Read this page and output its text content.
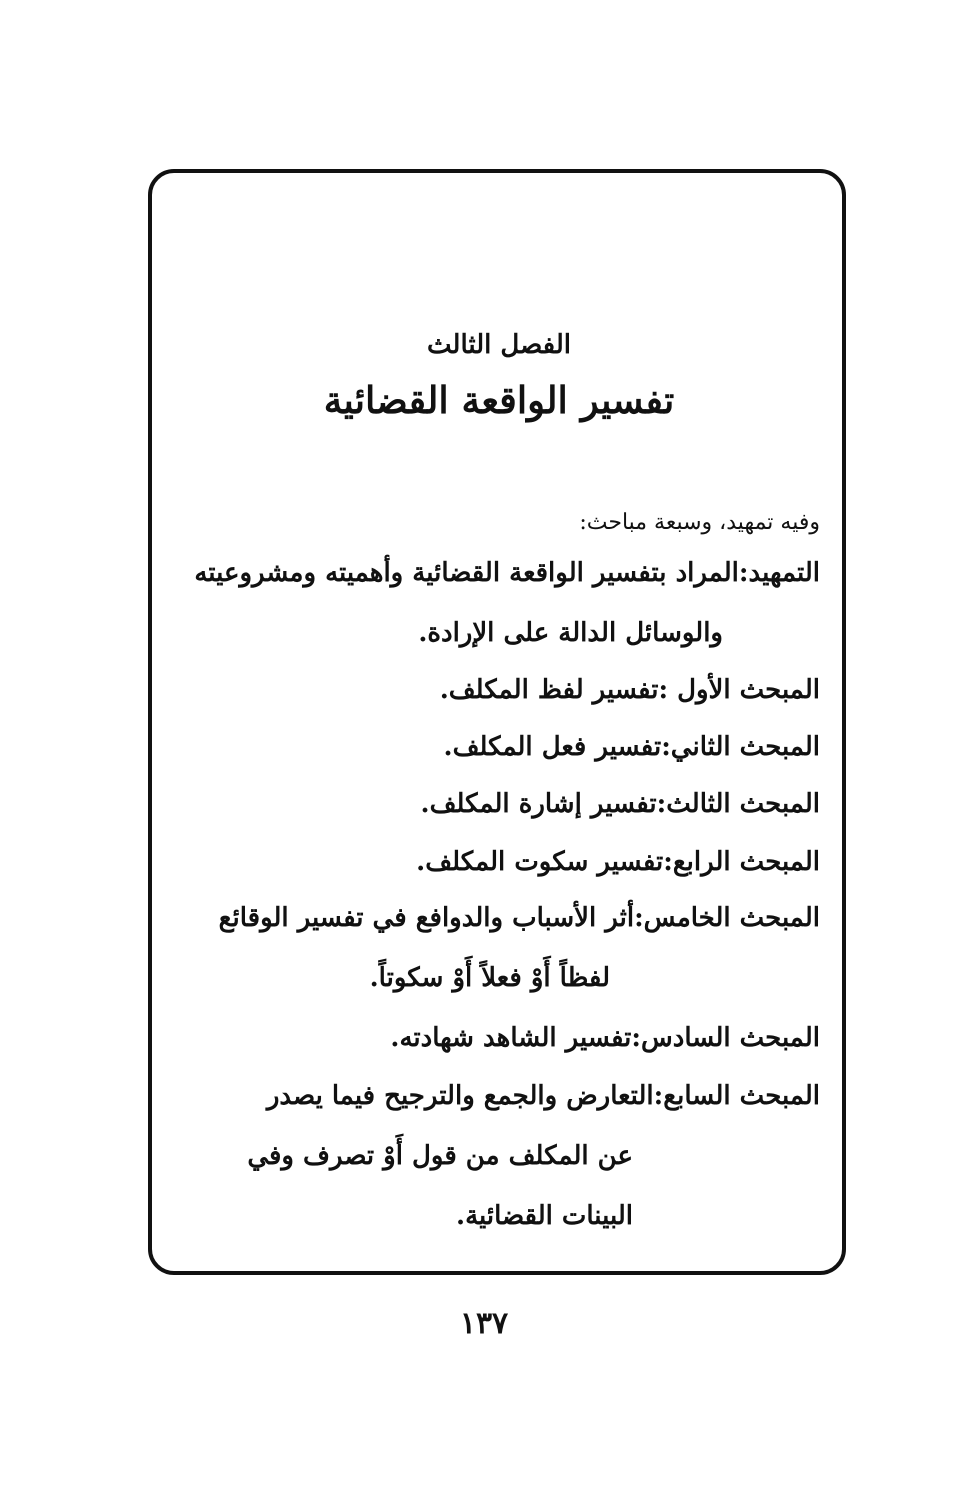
الفصل الثالث
تفسير الواقعة القضائية
وفيه تمهيد، وسبعة مباحث:
التمهيد:المراد بتفسير الواقعة القضائية وأهميته ومشروعيته
والوسائل الدالة على الإرادة.
المبحث الأول :تفسير لفظ المكلف.
المبحث الثاني:تفسير فعل المكلف.
المبحث الثالث:تفسير إشارة المكلف.
المبحث الرابع:تفسير سكوت المكلف.
المبحث الخامس:أثر الأسباب والدوافع في تفسير الوقائع
لفظاً أَوْ فعلاً أَوْ سكوتاً.
المبحث السادس:تفسير الشاهد شهادته.
المبحث السابع:التعارض والجمع والترجيح فيما يصدر
عن المكلف من قول أَوْ تصرف وفي
البينات القضائية.
١٣٧
